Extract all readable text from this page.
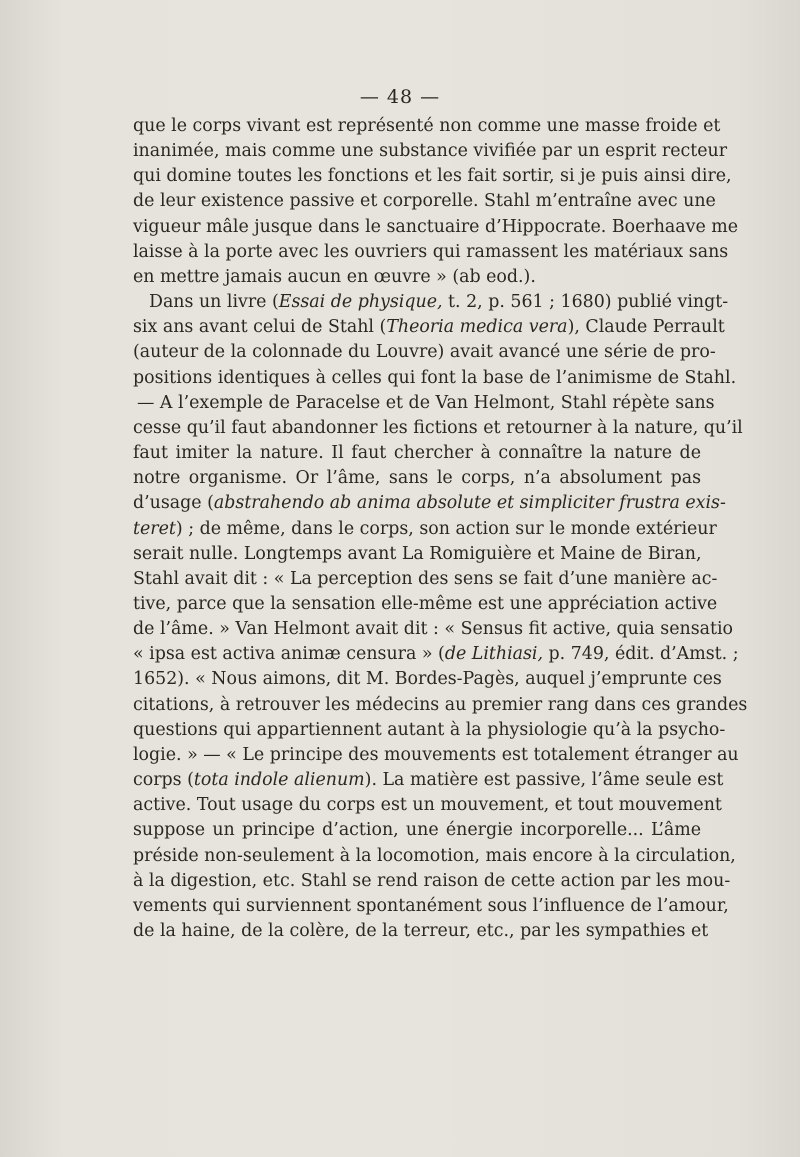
— 48 —
que le corps vivant est représenté non comme une masse froide et
inanimée, mais comme une substance vivifiée par un esprit recteur
qui domine toutes les fonctions et les fait sortir, si je puis ainsi dire,
de leur existence passive et corporelle. Stahl m’entraîne avec une
vigueur mâle jusque dans le sanctuaire d’Hippocrate. Boerhaave me
laisse à la porte avec les ouvriers qui ramassent les matériaux sans
en mettre jamais aucun en œuvre » (ab eod.).
Dans un livre (Essai de physique, t. 2, p. 561 ; 1680) publié vingt-
six ans avant celui de Stahl (Theoria medica vera), Claude Perrault
(auteur de la colonnade du Louvre) avait avancé une série de pro-
positions identiques à celles qui font la base de l’animisme de Stahl.
— A l’exemple de Paracelse et de Van Helmont, Stahl répète sans
cesse qu’il faut abandonner les fictions et retourner à la nature, qu’il
faut imiter la nature. Il faut chercher à connaître la nature de
notre organisme. Or l’âme, sans le corps, n’a absolument pas
d’usage (abstrahendo ab anima absolute et simpliciter frustra exis-
teret) ; de même, dans le corps, son action sur le monde extérieur
serait nulle. Longtemps avant La Romiguière et Maine de Biran,
Stahl avait dit : « La perception des sens se fait d’une manière ac-
tive, parce que la sensation elle-même est une appréciation active
de l’âme. » Van Helmont avait dit : « Sensus fit active, quia sensatio
« ipsa est activa animæ censura » (de Lithiasi, p. 749, édit. d’Amst. ;
1652). « Nous aimons, dit M. Bordes-Pagès, auquel j’emprunte ces
citations, à retrouver les médecins au premier rang dans ces grandes
questions qui appartiennent autant à la physiologie qu’à la psycho-
logie. » — « Le principe des mouvements est totalement étranger au
corps (tota indole alienum). La matière est passive, l’âme seule est
active. Tout usage du corps est un mouvement, et tout mouvement
suppose un principe d’action, une énergie incorporelle... L’âme
préside non-seulement à la locomotion, mais encore à la circulation,
à la digestion, etc. Stahl se rend raison de cette action par les mou-
vements qui surviennent spontanément sous l’influence de l’amour,
de la haine, de la colère, de la terreur, etc., par les sympathies et
